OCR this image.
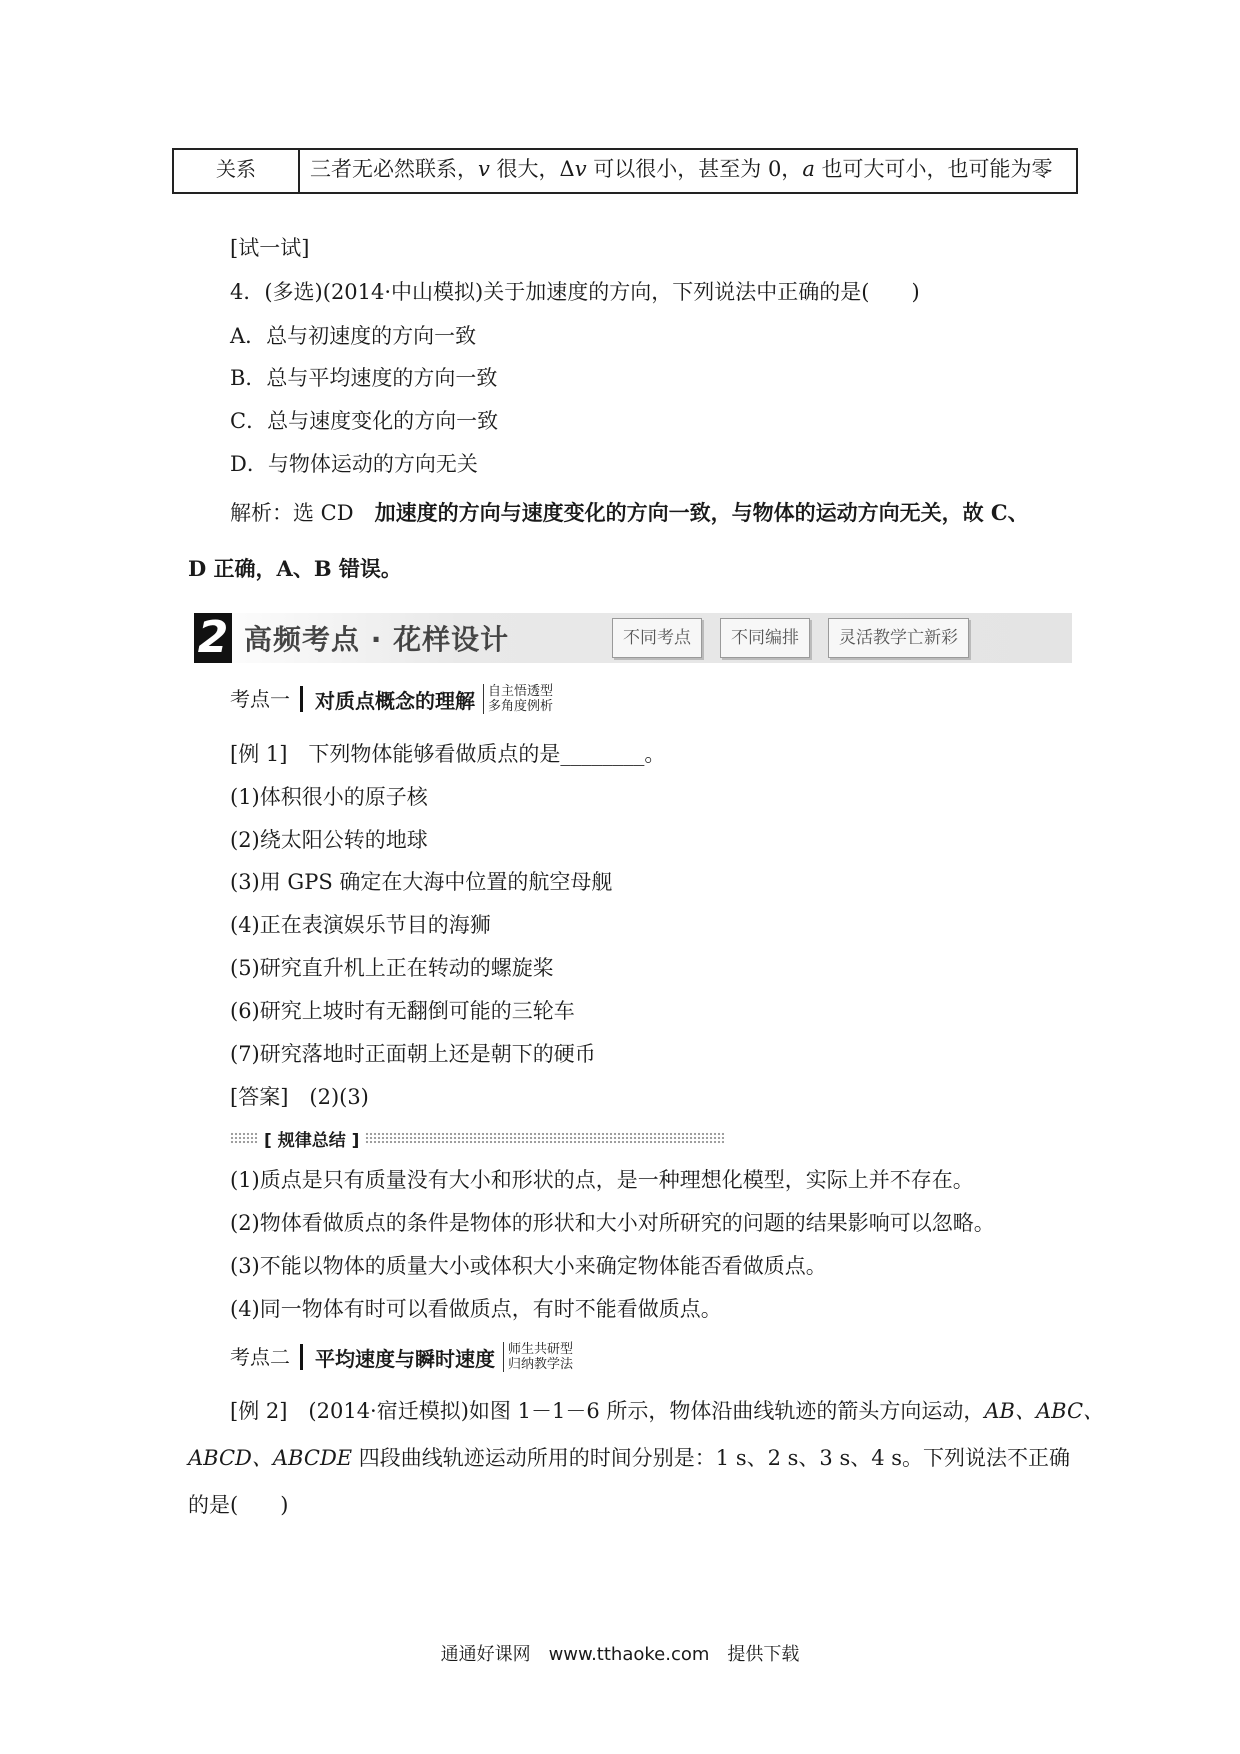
关系	三者无必然联系，v 很大，Δv 可以很小，甚至为 0，a 也可大可小，也可能为零
[试一试]
4．(多选)(2014·中山模拟)关于加速度的方向，下列说法中正确的是(　　)
A．总与初速度的方向一致
B．总与平均速度的方向一致
C．总与速度变化的方向一致
D．与物体运动的方向无关
解析：选 CD　加速度的方向与速度变化的方向一致，与物体的运动方向无关，故 C、
D 正确，A、B 错误。
2 高频考点 · 花样设计	不同考点	不同编排	灵活教学亡新彩
考点一	对质点概念的理解 自主悟透型
多角度例析
[例 1]　下列物体能够看做质点的是________。
(1)体积很小的原子核
(2)绕太阳公转的地球
(3)用 GPS 确定在大海中位置的航空母舰
(4)正在表演娱乐节目的海狮
(5)研究直升机上正在转动的螺旋桨
(6)研究上坡时有无翻倒可能的三轮车
(7)研究落地时正面朝上还是朝下的硬币
[答案]　(2)(3)
[ 规律总结 ]
(1)质点是只有质量没有大小和形状的点，是一种理想化模型，实际上并不存在。
(2)物体看做质点的条件是物体的形状和大小对所研究的问题的结果影响可以忽略。
(3)不能以物体的质量大小或体积大小来确定物体能否看做质点。
(4)同一物体有时可以看做质点，有时不能看做质点。
考点二	平均速度与瞬时速度 师生共研型
归纳教学法
[例 2]　(2014·宿迁模拟)如图 1－1－6 所示，物体沿曲线轨迹的箭头方向运动，AB、ABC、
ABCD、ABCDE 四段曲线轨迹运动所用的时间分别是：1 s、2 s、3 s、4 s。下列说法不正确
的是(　　)
通通好课网　www.tthaoke.com　提供下载
